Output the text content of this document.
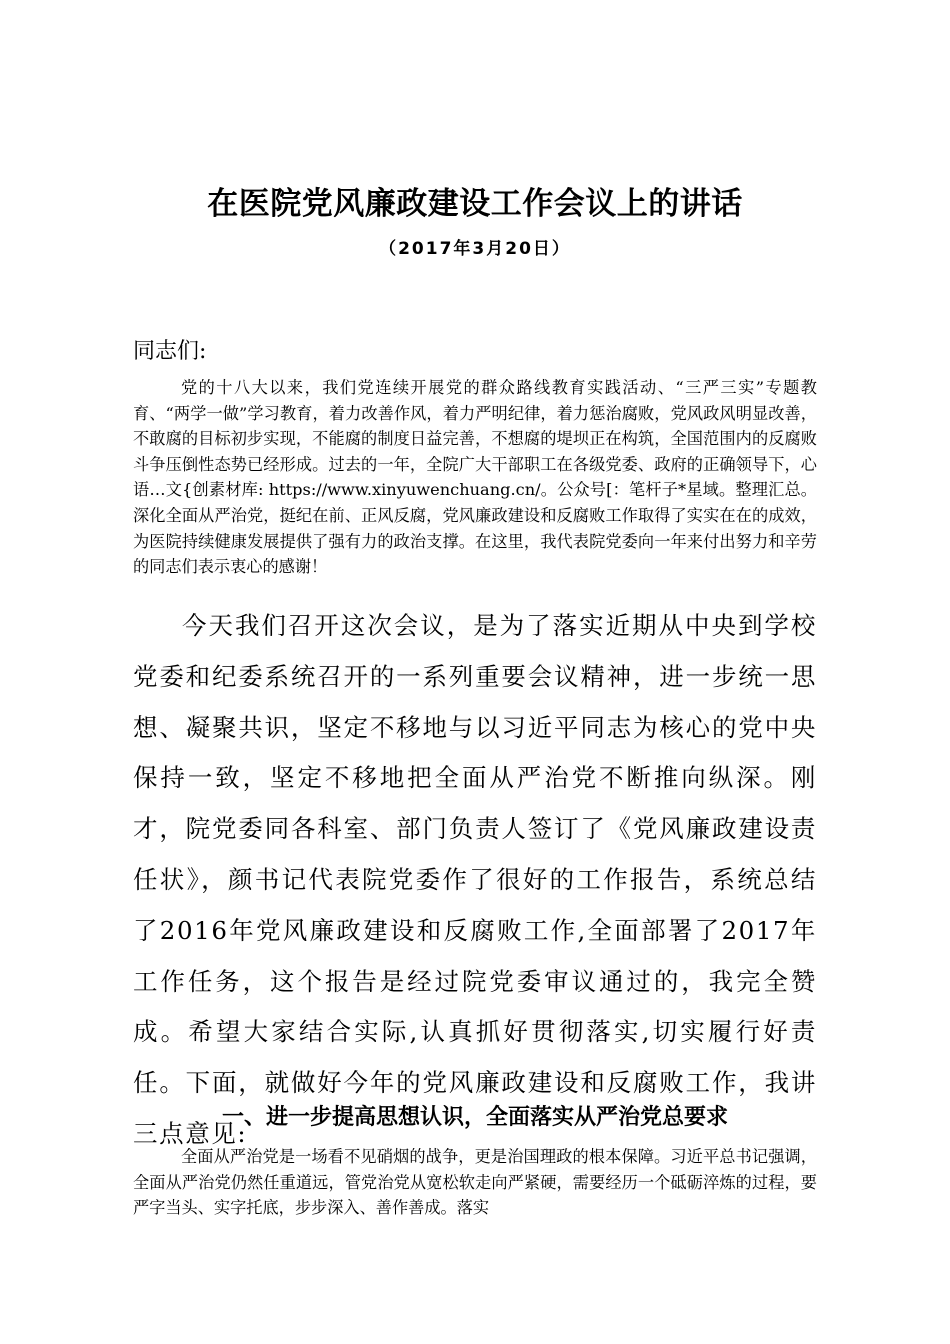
在医院党风廉政建设工作会议上的讲话
（2017年3月20日）
同志们:
党的十八大以来，我们党连续开展党的群众路线教育实践活动、“三严三实”专题教育、“两学一做”学习教育，着力改善作风，着力严明纪律，着力惩治腐败，党风政风明显改善，不敢腐的目标初步实现，不能腐的制度日益完善，不想腐的堤坝正在构筑，全国范围内的反腐败斗争压倒性态势已经形成。过去的一年，全院广大干部职工在各级党委、政府的正确领导下，心语…文{创素材库: https://www.xinyuwenchuang.cn/。公众号[：笔杆子*星域。整理汇总。深化全面从严治党，挺纪在前、正风反腐，党风廉政建设和反腐败工作取得了实实在在的成效，为医院持续健康发展提供了强有力的政治支撑。在这里，我代表院党委向一年来付出努力和辛劳的同志们表示衷心的感谢！
今天我们召开这次会议，是为了落实近期从中央到学校党委和纪委系统召开的一系列重要会议精神，进一步统一思想、凝聚共识，坚定不移地与以习近平同志为核心的党中央保持一致，坚定不移地把全面从严治党不断推向纵深。刚才，院党委同各科室、部门负责人签订了《党风廉政建设责任状》，颜书记代表院党委作了很好的工作报告，系统总结了2016年党风廉政建设和反腐败工作,全面部署了2017年工作任务，这个报告是经过院党委审议通过的，我完全赞成。希望大家结合实际,认真抓好贯彻落实,切实履行好责任。下面，就做好今年的党风廉政建设和反腐败工作，我讲三点意见:
一、进一步提高思想认识，全面落实从严治党总要求
全面从严治党是一场看不见硝烟的战争，更是治国理政的根本保障。习近平总书记强调，全面从严治党仍然任重道远，管党治党从宽松软走向严紧硬，需要经历一个砥砺淬炼的过程，要严字当头、实字托底，步步深入、善作善成。落实
